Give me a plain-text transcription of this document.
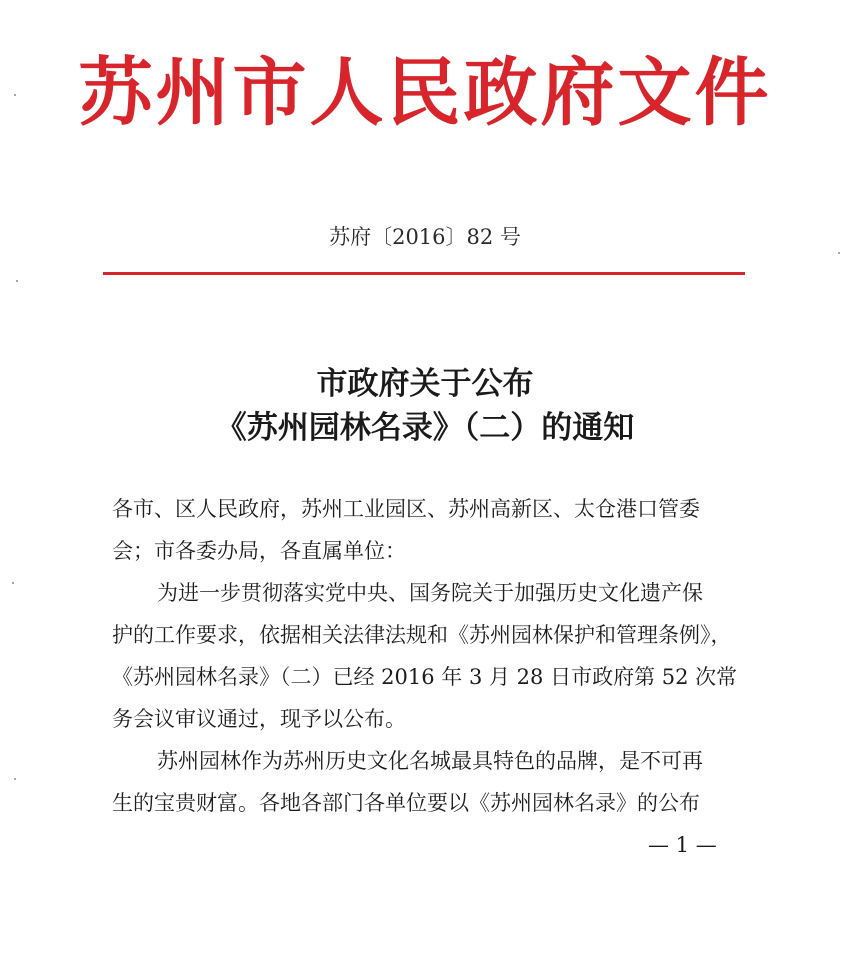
苏州市人民政府文件
苏府〔2016〕82 号
市政府关于公布
《苏州园林名录》（二）的通知
各市、区人民政府，苏州工业园区、苏州高新区、太仓港口管委
会；市各委办局，各直属单位：
为进一步贯彻落实党中央、国务院关于加强历史文化遗产保
护的工作要求，依据相关法律法规和《苏州园林保护和管理条例》，
《苏州园林名录》（二）已经 2016 年 3 月 28 日市政府第 52 次常
务会议审议通过，现予以公布。
苏州园林作为苏州历史文化名城最具特色的品牌，是不可再
生的宝贵财富。各地各部门各单位要以《苏州园林名录》的公布
— 1 —
